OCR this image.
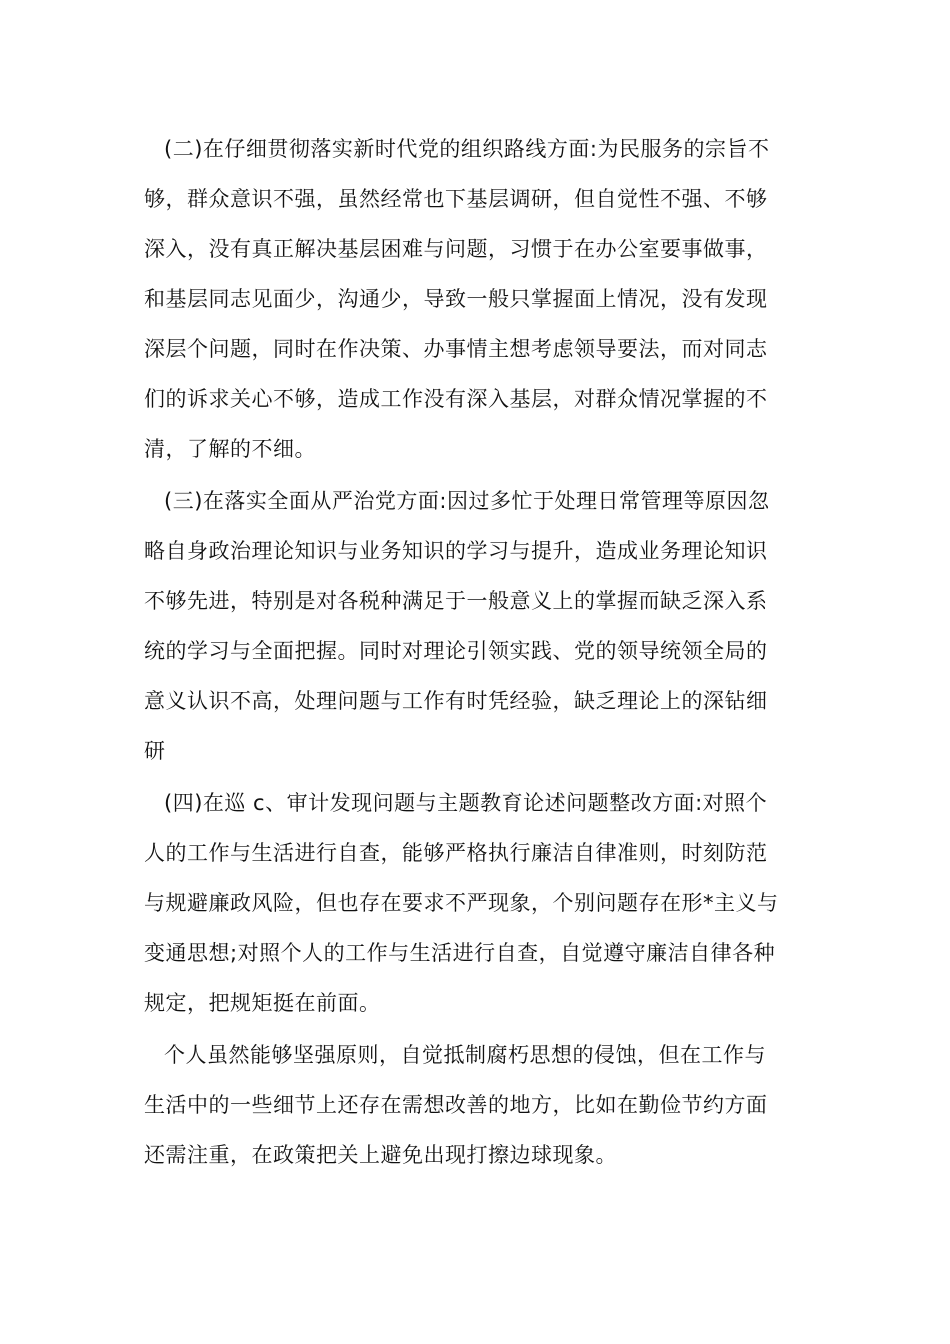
(二)在仔细贯彻落实新时代党的组织路线方面:为民服务的宗旨不
够，群众意识不强，虽然经常也下基层调研，但自觉性不强、不够
深入，没有真正解决基层困难与问题，习惯于在办公室要事做事，
和基层同志见面少，沟通少，导致一般只掌握面上情况，没有发现
深层个问题，同时在作决策、办事情主想考虑领导要法，而对同志
们的诉求关心不够，造成工作没有深入基层，对群众情况掌握的不
清，了解的不细。
(三)在落实全面从严治党方面:因过多忙于处理日常管理等原因忽
略自身政治理论知识与业务知识的学习与提升，造成业务理论知识
不够先进，特别是对各税种满足于一般意义上的掌握而缺乏深入系
统的学习与全面把握。同时对理论引领实践、党的领导统领全局的
意义认识不高，处理问题与工作有时凭经验，缺乏理论上的深钻细
研
(四)在巡 c、审计发现问题与主题教育论述问题整改方面:对照个
人的工作与生活进行自查，能够严格执行廉洁自律准则，时刻防范
与规避廉政风险，但也存在要求不严现象，个别问题存在形*主义与
变通思想;对照个人的工作与生活进行自查，自觉遵守廉洁自律各种
规定，把规矩挺在前面。
个人虽然能够坚强原则，自觉抵制腐朽思想的侵蚀，但在工作与
生活中的一些细节上还存在需想改善的地方，比如在勤俭节约方面
还需注重，在政策把关上避免出现打擦边球现象。
